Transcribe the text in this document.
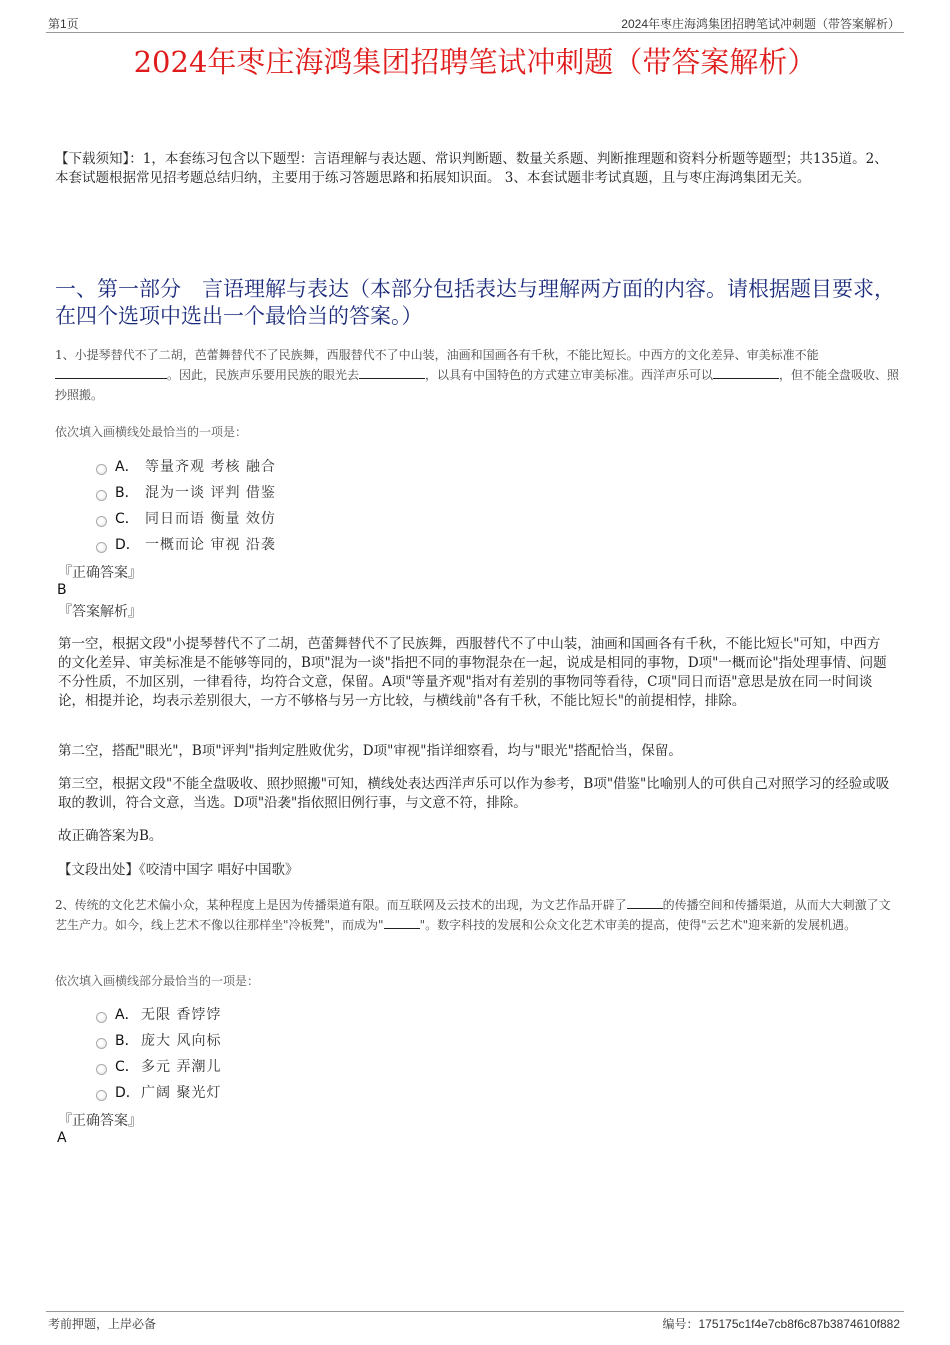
第1页	2024年枣庄海鸿集团招聘笔试冲刺题（带答案解析）
2024年枣庄海鸿集团招聘笔试冲刺题（带答案解析）
【下载须知】：1，本套练习包含以下题型：言语理解与表达题、常识判断题、数量关系题、判断推理题和资料分析题等题型；共135道。2、本套试题根据常见招考题总结归纳，主要用于练习答题思路和拓展知识面。 3、本套试题非考试真题，且与枣庄海鸿集团无关。
一、第一部分　言语理解与表达（本部分包括表达与理解两方面的内容。请根据题目要求，在四个选项中选出一个最恰当的答案。）
1、小提琴替代不了二胡，芭蕾舞替代不了民族舞，西服替代不了中山装，油画和国画各有千秋，不能比短长。中西方的文化差异、审美标准不能。因此，民族声乐要用民族的眼光去	，以具有中国特色的方式建立审美标准。西洋声乐可以	，但不能全盘吸收、照抄照搬。
依次填入画横线处最恰当的一项是：
A． 等量齐观 考核 融合
B． 混为一谈 评判 借鉴
C． 同日而语 衡量 效仿
D． 一概而论 审视 沿袭
『正确答案』
B
『答案解析』
第一空，根据文段"小提琴替代不了二胡，芭蕾舞替代不了民族舞，西服替代不了中山装，油画和国画各有千秋，不能比短长"可知，中西方的文化差异、审美标准是不能够等同的，B项"混为一谈"指把不同的事物混杂在一起，说成是相同的事物，D项"一概而论"指处理事情、问题不分性质，不加区别，一律看待，均符合文意，保留。A项"等量齐观"指对有差别的事物同等看待，C项"同日而语"意思是放在同一时间谈论，相提并论，均表示差别很大，一方不够格与另一方比较，与横线前"各有千秋，不能比短长"的前提相悖，排除。
第二空，搭配"眼光"，B项"评判"指判定胜败优劣，D项"审视"指详细察看，均与"眼光"搭配恰当，保留。
第三空，根据文段"不能全盘吸收、照抄照搬"可知，横线处表达西洋声乐可以作为参考，B项"借鉴"比喻别人的可供自己对照学习的经验或吸取的教训，符合文意，当选。D项"沿袭"指依照旧例行事，与文意不符，排除。
故正确答案为B。
【文段出处】《咬清中国字 唱好中国歌》
2、传统的文化艺术偏小众，某种程度上是因为传播渠道有限。而互联网及云技术的出现，为文艺作品开辟了	的传播空间和传播渠道，从而大大刺激了文艺生产力。如今，线上艺术不像以往那样坐"冷板凳"，而成为"	"。数字科技的发展和公众文化艺术审美的提高，使得"云艺术"迎来新的发展机遇。
依次填入画横线部分最恰当的一项是：
A． 无限 香饽饽
B． 庞大 风向标
C． 多元 弄潮儿
D． 广阔 聚光灯
『正确答案』
A
考前押题，上岸必备	编号：175175c1f4e7cb8f6c87b3874610f882
